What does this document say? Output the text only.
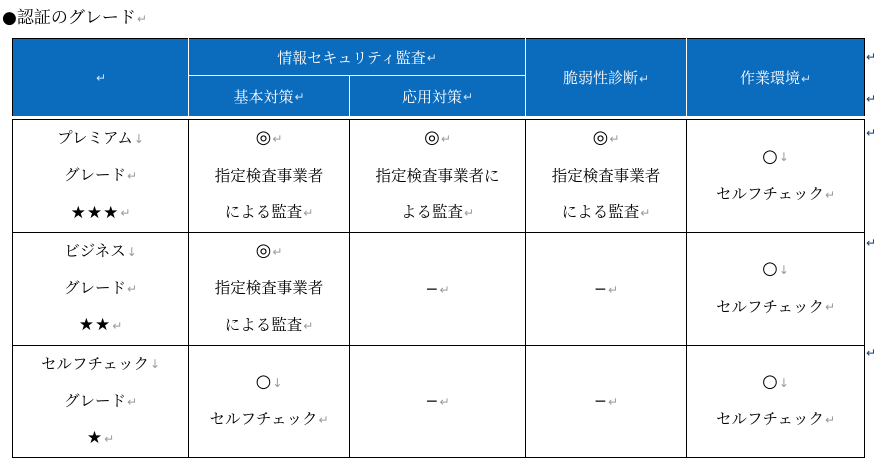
●認証のグレード↵
↵	情報セキュリティ監査↵		脆弱性診断↵	作業環境↵
	基本対策↵	応用対策↵		

プレミアム↓
グレード↵
★★★↵	◎↵
指定検査事業者
による監査↵	◎↵
指定検査事業者に
よる監査↵	◎↵
指定検査事業者
による監査↵	○↓
セルフチェック↵

ビジネス↓
グレード↵
★★↵	◎↵
指定検査事業者
による監査↵	−↵	−↵	○↓
セルフチェック↵

セルフチェック↓
グレード↵
★↵	○↓
セルフチェック↵	−↵	−↵	○↓
セルフチェック↵
↵
↵
↵
↵
↵
